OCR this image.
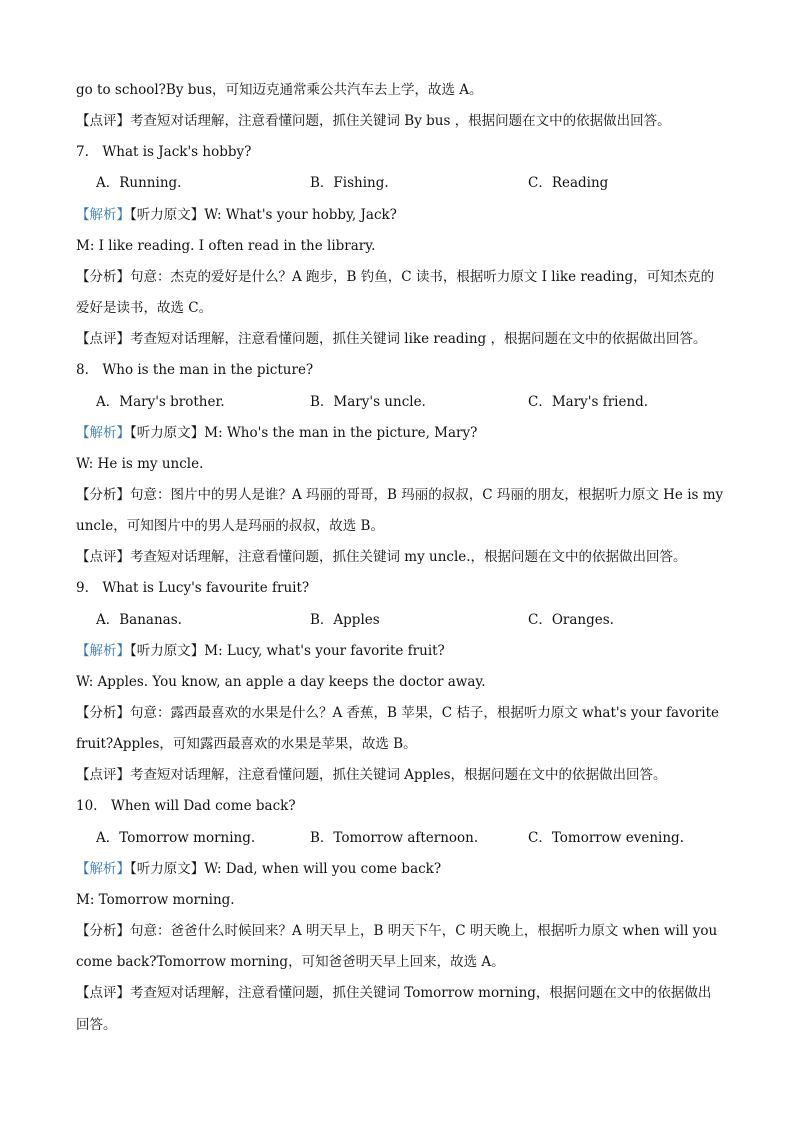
go to school?By bus，可知迈克通常乘公共汽车去上学，故选 A。
【点评】考查短对话理解，注意看懂问题，抓住关键词 By bus ，根据问题在文中的依据做出回答。
7.　What is Jack's hobby?
A．Running.	B．Fishing.	C．Reading
【解析】【听力原文】W: What's your hobby, Jack?
M: I like reading. I often read in the library.
【分析】句意：杰克的爱好是什么？A 跑步，B 钓鱼，C 读书，根据听力原文 I like reading，可知杰克的
爱好是读书，故选 C。
【点评】考查短对话理解，注意看懂问题，抓住关键词 like reading ，根据问题在文中的依据做出回答。
8.　Who is the man in the picture?
A．Mary's brother.	B．Mary's uncle.	C．Mary's friend.
【解析】【听力原文】M: Who's the man in the picture, Mary?
W: He is my uncle.
【分析】句意：图片中的男人是谁？A 玛丽的哥哥，B 玛丽的叔叔，C 玛丽的朋友，根据听力原文 He is my
uncle，可知图片中的男人是玛丽的叔叔，故选 B。
【点评】考查短对话理解，注意看懂问题，抓住关键词 my uncle.，根据问题在文中的依据做出回答。
9.　What is Lucy's favourite fruit?
A．Bananas.	B．Apples	C．Oranges.
【解析】【听力原文】M: Lucy, what's your favorite fruit?
W: Apples. You know, an apple a day keeps the doctor away.
【分析】句意：露西最喜欢的水果是什么？A 香蕉，B 苹果，C 桔子，根据听力原文 what's your favorite
fruit?Apples，可知露西最喜欢的水果是苹果，故选 B。
【点评】考查短对话理解，注意看懂问题，抓住关键词 Apples，根据问题在文中的依据做出回答。
10.　When will Dad come back?
A．Tomorrow morning.	B．Tomorrow afternoon.	C．Tomorrow evening.
【解析】【听力原文】W: Dad, when will you come back?
M: Tomorrow morning.
【分析】句意：爸爸什么时候回来？A 明天早上，B 明天下午，C 明天晚上，根据听力原文 when will you
come back?Tomorrow morning，可知爸爸明天早上回来，故选 A。
【点评】考查短对话理解，注意看懂问题，抓住关键词 Tomorrow morning，根据问题在文中的依据做出
回答。
